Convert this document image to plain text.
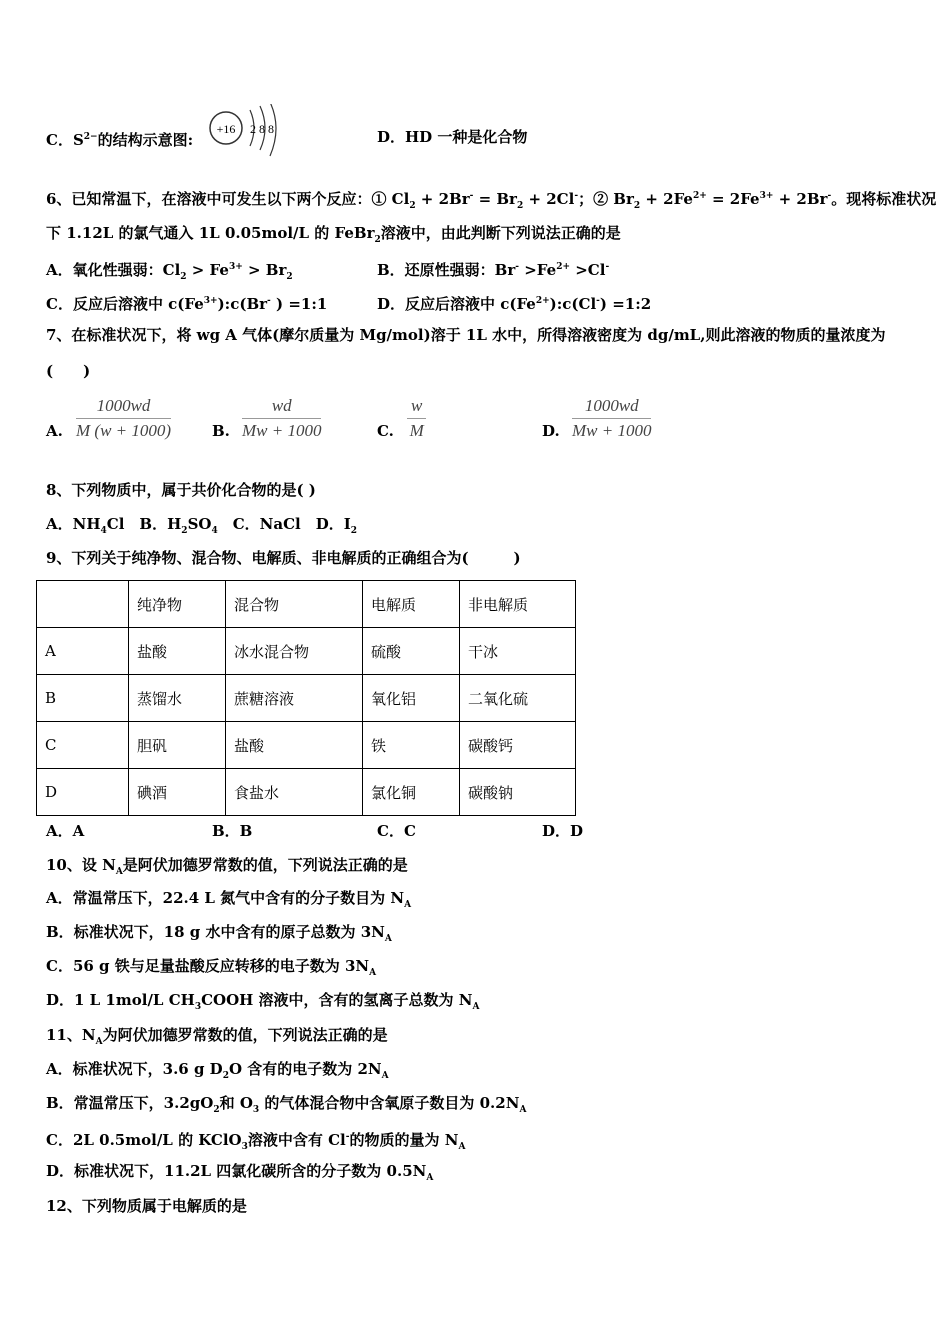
C．$S^{2-}$的结构示意图:
+16 2 8 8	D．HD 一种是化合物
6、已知常温下，在溶液中可发生以下两个反应：① $Cl_2 + 2Br^- = Br_2 + 2Cl^-$；② $Br_2 + 2Fe^{2+} = 2Fe^{3+} + 2Br^-$。现将标准状况
下 1.12L 的氯气通入 1L 0.05mol/L 的 FeBr$_2$溶液中，由此判断下列说法正确的是
A．氧化性强弱：$Cl_2 > Fe^{3+} > Br_2$	B．还原性强弱：$Br^- >Fe^{2+} >Cl^-$
C．反应后溶液中 $c(Fe^{3+}):c(Br^-$ ) =1:1	D．反应后溶液中 $c(Fe^{2+}):c(Cl^-)$ =1:2
7、在标准状况下，将 wg A 气体(摩尔质量为 Mg/mol)溶于 1L 水中，所得溶液密度为 dg/mL,则此溶液的物质的量浓度为
(　　)
8、下列物质中，属于共价化合物的是( )
A．$NH_4Cl$　B．$H_2SO_4$　C．NaCl　D．$I_2$
9、下列关于纯净物、混合物、电解质、非电解质的正确组合为(　　　)
A．A	B．B	C．C	D．D
10、设 $N_A$是阿伏加德罗常数的值，下列说法正确的是
A．常温常压下，22.4 L 氮气中含有的分子数目为 $N_A$
B．标准状况下，18 g 水中含有的原子总数为 $3N_A$
C．56 g 铁与足量盐酸反应转移的电子数为 $3N_A$
D．1 L 1mol/L $CH_3COOH$ 溶液中，含有的氢离子总数为 $N_A$
11、$N_A$为阿伏加德罗常数的值，下列说法正确的是
A．标准状况下，3.6 g $D_2O$ 含有的电子数为 $2N_A$
B．常温常压下，$3.2gO_2$和 $O_3$ 的气体混合物中含氧原子数目为 $0.2N_A$
C．2L 0.5mol/L 的 KClO$_3$溶液中含有 Cl-的物质的量为 $N_A$
D．标准状况下，11.2L 四氯化碳所含的分子数为 $0.5N_A$
12、下列物质属于电解质的是
A. $\frac{1000wd}{M (w + 1000)}$	B. $\frac{wd}{Mw + 1000}$	C. $\frac{w}{M}$	D. $\frac{1000wd}{Mw + 1000}$
	纯净物	混合物	电解质	非电解质
A	盐酸	冰水混合物	硫酸	干冰
B	蒸馏水	蔗糖溶液	氧化铝	二氧化硫
C	胆矾	盐酸	铁	碳酸钙
D	碘酒	食盐水	氯化铜	碳酸钠
